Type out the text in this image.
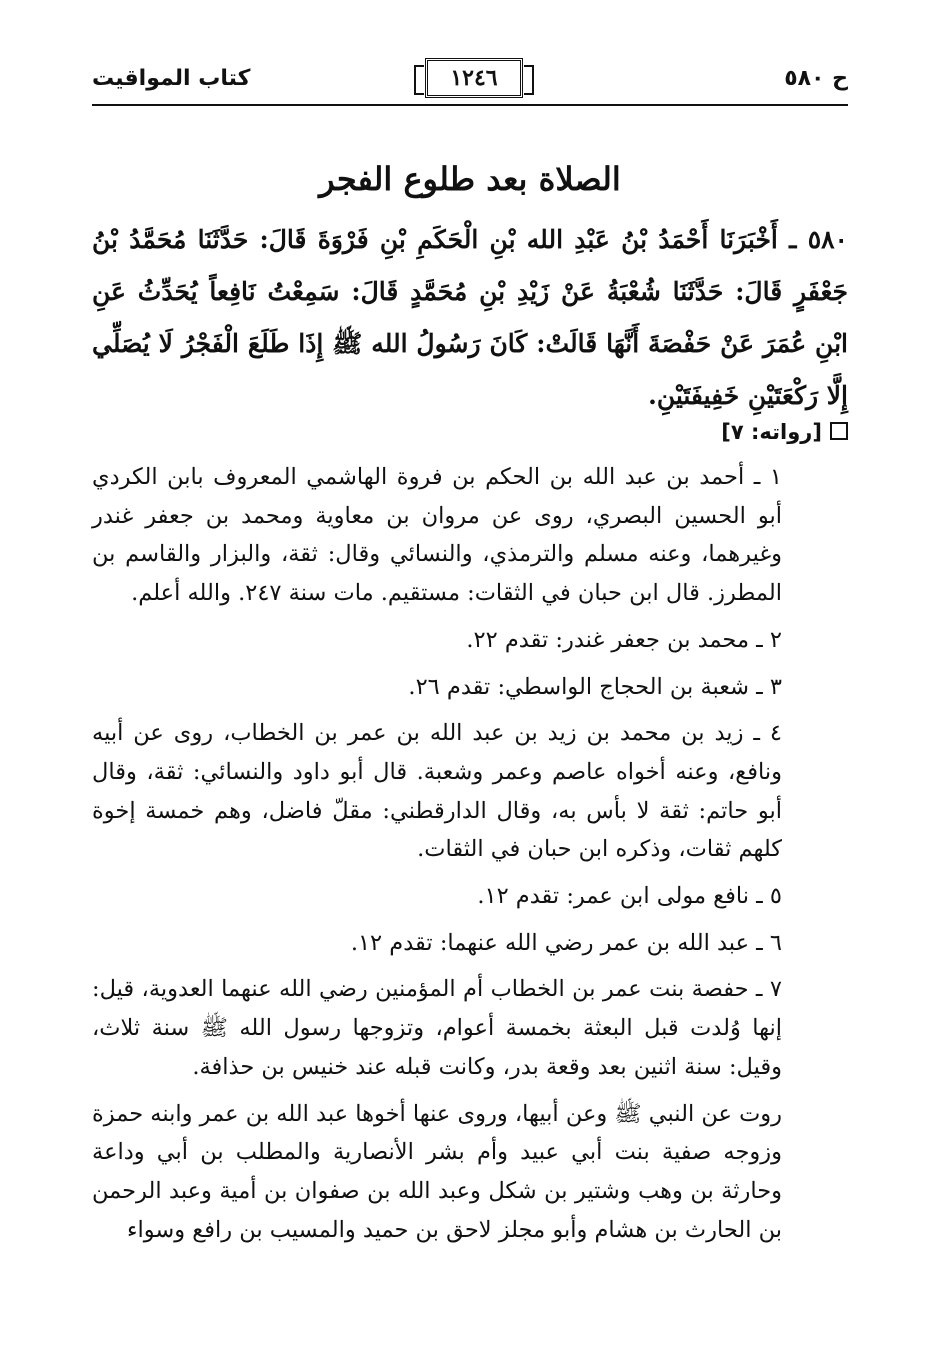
كتاب المواقيت	١٢٤٦	ح ٥٨٠
الصلاة بعد طلوع الفجر
٥٨٠ ـ أَخْبَرَنَا أَحْمَدُ بْنُ عَبْدِ الله بْنِ الْحَكَمِ بْنِ فَرْوَةَ قَالَ: حَدَّثَنَا مُحَمَّدُ بْنُ جَعْفَرٍ قَالَ: حَدَّثَنَا شُعْبَةُ عَنْ زَيْدِ بْنِ مُحَمَّدٍ قَالَ: سَمِعْتُ نَافِعاً يُحَدِّثُ عَنِ ابْنِ عُمَرَ عَنْ حَفْصَةَ أَنَّهَا قَالَتْ: كَانَ رَسُولُ الله ﷺ إِذَا طَلَعَ الْفَجْرُ لَا يُصَلِّي إِلَّا رَكْعَتَيْنِ خَفِيفَتَيْنِ.
[رواته: ٧]

١ ـ أحمد بن عبد الله بن الحكم بن فروة الهاشمي المعروف بابن الكردي أبو الحسين البصري، روى عن مروان بن معاوية ومحمد بن جعفر غندر وغيرهما، وعنه مسلم والترمذي، والنسائي وقال: ثقة، والبزار والقاسم بن المطرز. قال ابن حبان في الثقات: مستقيم. مات سنة ٢٤٧. والله أعلم.

٢ ـ محمد بن جعفر غندر: تقدم ٢٢.

٣ ـ شعبة بن الحجاج الواسطي: تقدم ٢٦.

٤ ـ زيد بن محمد بن زيد بن عبد الله بن عمر بن الخطاب، روى عن أبيه ونافع، وعنه أخواه عاصم وعمر وشعبة. قال أبو داود والنسائي: ثقة، وقال أبو حاتم: ثقة لا بأس به، وقال الدارقطني: مقلّ فاضل، وهم خمسة إخوة كلهم ثقات، وذكره ابن حبان في الثقات.

٥ ـ نافع مولى ابن عمر: تقدم ١٢.

٦ ـ عبد الله بن عمر رضي الله عنهما: تقدم ١٢.

٧ ـ حفصة بنت عمر بن الخطاب أم المؤمنين رضي الله عنهما العدوية، قيل: إنها وُلدت قبل البعثة بخمسة أعوام، وتزوجها رسول الله ﷺ سنة ثلاث، وقيل: سنة اثنين بعد وقعة بدر، وكانت قبله عند خنيس بن حذافة.

روت عن النبي ﷺ وعن أبيها، وروى عنها أخوها عبد الله بن عمر وابنه حمزة وزوجه صفية بنت أبي عبيد وأم بشر الأنصارية والمطلب بن أبي وداعة وحارثة بن وهب وشتير بن شكل وعبد الله بن صفوان بن أمية وعبد الرحمن بن الحارث بن هشام وأبو مجلز لاحق بن حميد والمسيب بن رافع وسواء
